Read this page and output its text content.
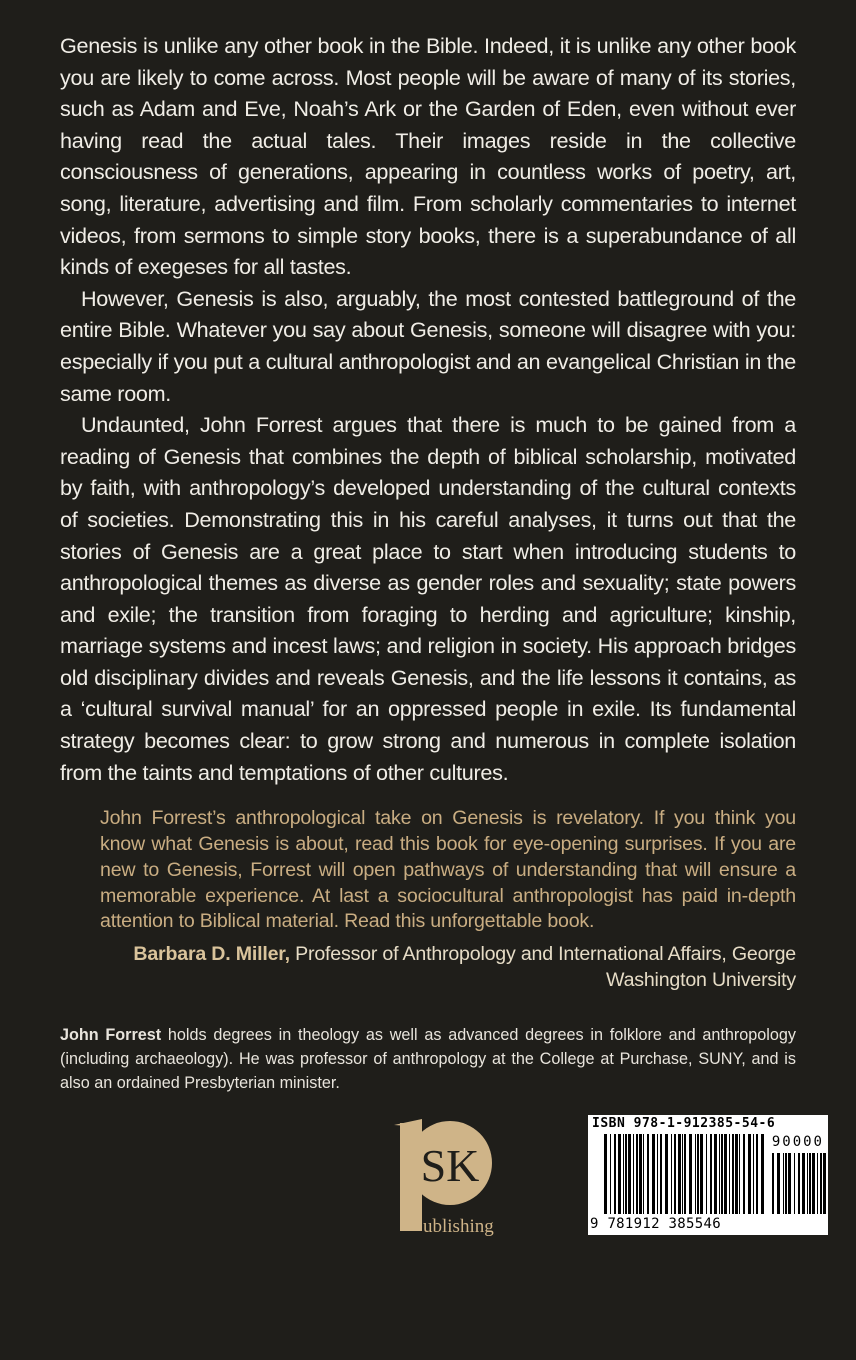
Genesis is unlike any other book in the Bible. Indeed, it is unlike any other book you are likely to come across. Most people will be aware of many of its stories, such as Adam and Eve, Noah’s Ark or the Garden of Eden, even without ever having read the actual tales. Their images reside in the collective consciousness of generations, appearing in countless works of poetry, art, song, literature, advertising and film. From scholarly commentaries to internet videos, from sermons to simple story books, there is a superabundance of all kinds of exegeses for all tastes.

However, Genesis is also, arguably, the most contested battleground of the entire Bible. Whatever you say about Genesis, someone will disagree with you: especially if you put a cultural anthropologist and an evangelical Christian in the same room.

Undaunted, John Forrest argues that there is much to be gained from a reading of Genesis that combines the depth of biblical scholarship, motivated by faith, with anthropology’s developed understanding of the cultural contexts of societies. Demonstrating this in his careful analyses, it turns out that the stories of Genesis are a great place to start when introducing students to anthropological themes as diverse as gender roles and sexuality; state powers and exile; the transition from foraging to herding and agriculture; kinship, marriage systems and incest laws; and religion in society. His approach bridges old disciplinary divides and reveals Genesis, and the life lessons it contains, as a ‘cultural survival manual’ for an oppressed people in exile. Its fundamental strategy becomes clear: to grow strong and numerous in complete isolation from the taints and temptations of other cultures.

John Forrest’s anthropological take on Genesis is revelatory. If you think you know what Genesis is about, read this book for eye-opening surprises. If you are new to Genesis, Forrest will open pathways of understanding that will ensure a memorable experience. At last a sociocultural anthropologist has paid in-depth attention to Biblical material. Read this unforgettable book.
Barbara D. Miller, Professor of Anthropology and International Affairs, George Washington University
John Forrest holds degrees in theology as well as advanced degrees in folklore and anthropology (including archaeology). He was professor of anthropology at the College at Purchase, SUNY, and is also an ordained Presbyterian minister.
SK
ublishing
ISBN 978-1-912385-54-6
90000
9 781912 385546
